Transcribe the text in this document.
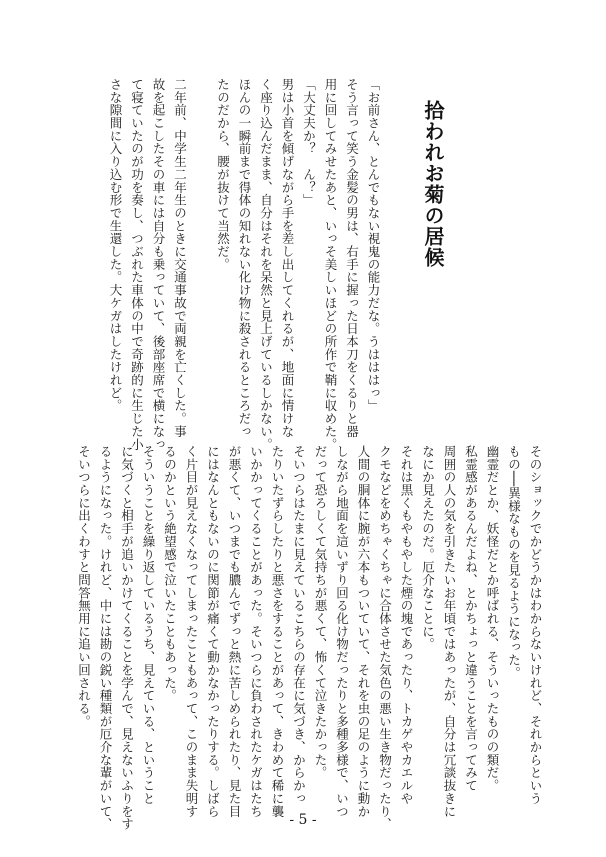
拾われお菊の居候

「お前さん、とんでもない視鬼の能力だな。うはははっ」

そう言って笑う金髪の男は、右手に握った日本刀をくるりと器

用に回してみせたあと、いっそ美しいほどの所作で鞘に収めた。

「大丈夫か？　ん？」

男は小首を傾げながら手を差し出してくれるが、地面に情けな

く座り込んだまま、自分はそれを呆然と見上げているしかない。

ほんの一瞬前まで得体の知れない化け物に殺されるところだっ

たのだから、腰が抜けて当然だ。

二年前、中学生二年生のときに交通事故で両親を亡くした。事

故を起こしたその車には自分も乗っていて、後部座席で横になっ

て寝ていたのが功を奏し、つぶれた車体の中で奇跡的に生じた小

さな隙間に入り込む形で生還した。大ケガはしたけれど。

そのショックでかどうかはわからないけれど、それからという

もの──異様なものを見るようになった。

幽霊だとか、妖怪だとか呼ばれる、そういったものの類だ。

私霊感があるんだよね、とかちょっと違うことを言ってみて

周囲の人の気を引きたいお年頃ではあったが、自分は冗談抜きに

なにか見えたのだ。厄介なことに。

それは黒くもやもやした煙の塊であったり、トカゲやカエルや

クモなどをめちゃくちゃに合体させた気色の悪い生き物だったり、

人間の胴体に腕が六本もついていて、それを虫の足のように動か

しながら地面を這いずり回る化け物だったりと多種多様で、いつ

だって恐ろしくて気持ちが悪くて、怖くて泣きたかった。

そいつらはたまに見えているこちらの存在に気づき、からかっ

たりいたずらしたりと悪さをすることがあって、きわめて稀に襲

いかかってくることがあった。そいつらに負わされたケガはたち

が悪くて、いつまでも膿んでずっと熱に苦しめられたり、見た目

にはなんともないのに関節が痛くて動かなかったりする。しばら

く片目が見えなくなってしまったこともあって、このまま失明す

るのかという絶望感で泣いたこともあった。

そういうことを繰り返しているうち、見えている、ということ

に気づくと相手が追いかけてくることを学んで、見えないふりをす

るようになった。けれど、中には勘の鋭い種類が厄介な輩がいて、

そいつらに出くわすと問答無用に追い回される。

- 5 -
